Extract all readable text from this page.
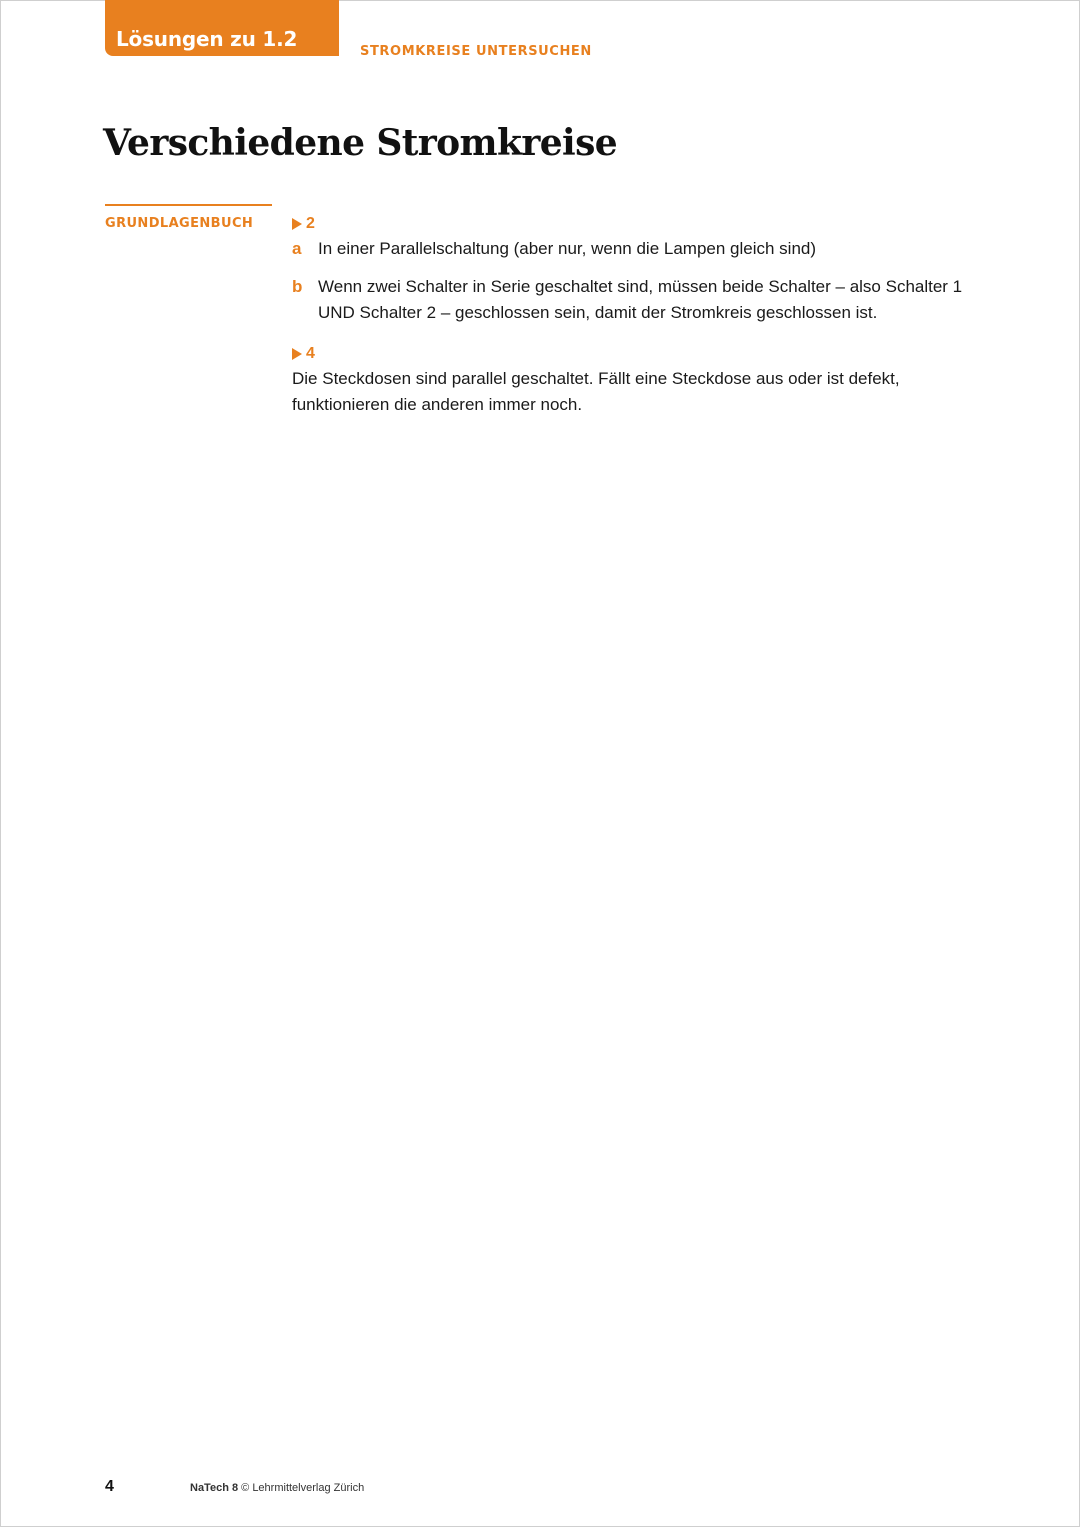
Lösungen zu 1.2
STROMKREISE UNTERSUCHEN
Verschiedene Stromkreise
GRUNDLAGENBUCH	2
a In einer Parallelschaltung (aber nur, wenn die Lampen gleich sind)
b Wenn zwei Schalter in Serie geschaltet sind, müssen beide Schalter – also Schalter 1 UND Schalter 2 – geschlossen sein, damit der Stromkreis geschlossen ist.
4

Die Steckdosen sind parallel geschaltet. Fällt eine Steckdose aus oder ist defekt, funktionieren die anderen immer noch.

4	NaTech 8 © Lehrmittelverlag Zürich
